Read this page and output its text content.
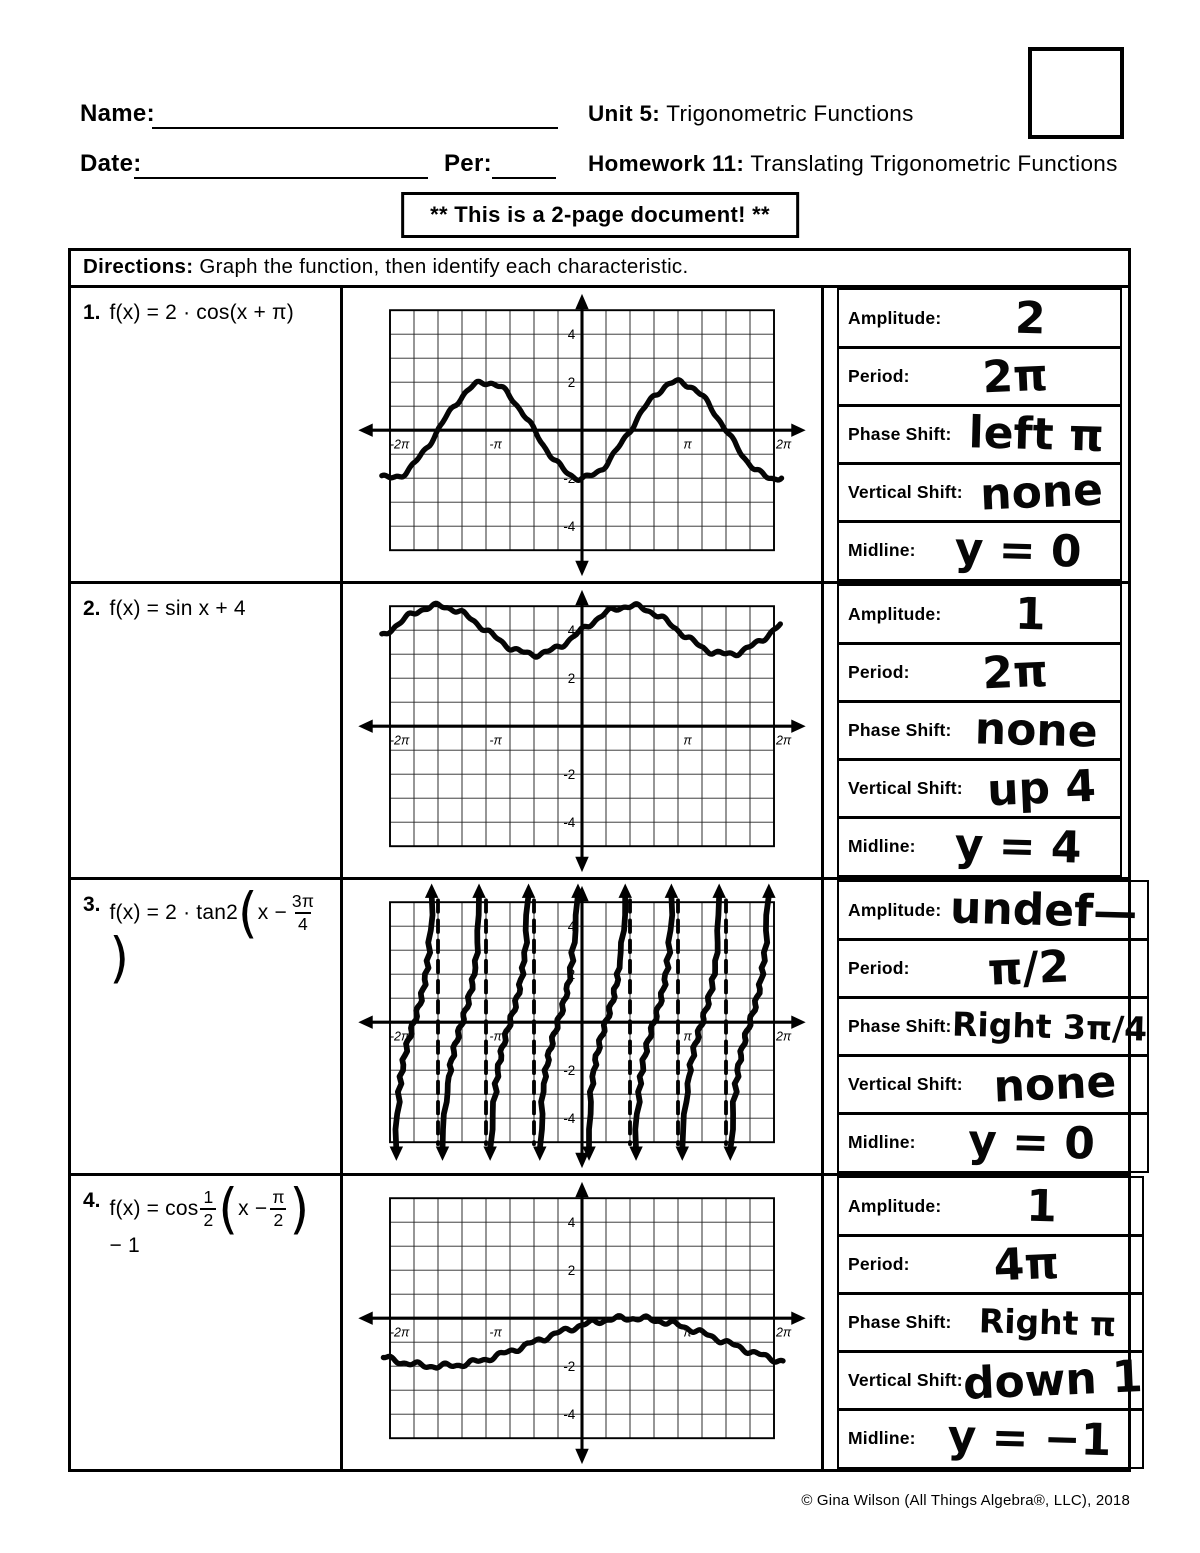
Name:	Unit 5: Trigonometric Functions
Date:	Per:	Homework 11: Translating Trigonometric Functions
** This is a 2-page document! **
Directions: Graph the function, then identify each characteristic.
1. f(x) = 2 · cos(x + π)
-2π	-π	π	2π
4
2
-2
-4
Amplitude:	2
Period:	2π
Phase Shift: left π
Vertical Shift: none
Midline: y = 0
2. f(x) = sin x + 4
-2π	-π	π	2π
4
2
-2
-4
Amplitude:	1
Period:	2π
Phase Shift: none
Vertical Shift: up 4
Midline: y = 4
3. f(x) = 2 · tan2 ( $x - \frac{3\pi}{4}$
)
-2π	-π	π	2π
4
2
-2
-4
Amplitude: undef—
Period:	π/2
Phase Shift: Right 3π/4
Vertical Shift: none
Midline:	y = 0
4. $f(x) = \cos \frac{1}{2}$ ( $x - \frac{\pi}{2}$ )
− 1
-2π	-π	π	2π
4
2
-2
-4
Amplitude:	1
Period:	4π
Phase Shift: Right π
Vertical Shift:
down 1
Midline: y = −1
© Gina Wilson (All Things Algebra®, LLC), 2018
